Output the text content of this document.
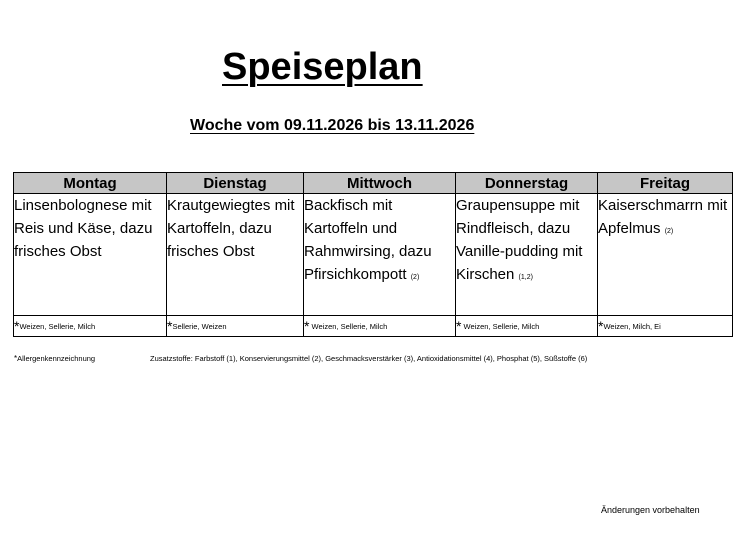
Speiseplan
Woche vom 09.11.2026 bis 13.11.2026
Montag	Dienstag	Mittwoch	Donnerstag	Freitag
Linsenbolognese mit Reis und Käse, dazu frisches Obst	Krautgewiegtes mit Kartoffeln, dazu frisches Obst	Backfisch mit Kartoffeln und Rahmwirsing, dazu Pfirsichkompott (2)	Graupensuppe mit Rindfleisch, dazu Vanille-pudding mit Kirschen (1,2)	Kaiserschmarrn mit Apfelmus (2)
*Weizen, Sellerie, Milch	*Sellerie, Weizen	* Weizen, Sellerie, Milch	* Weizen, Sellerie, Milch	*Weizen, Milch, Ei
*Allergenkennzeichnung	Zusatzstoffe: Farbstoff (1), Konservierungsmittel (2), Geschmacksverstärker (3), Antioxidationsmittel (4), Phosphat (5), Süßstoffe (6)
Änderungen vorbehalten
